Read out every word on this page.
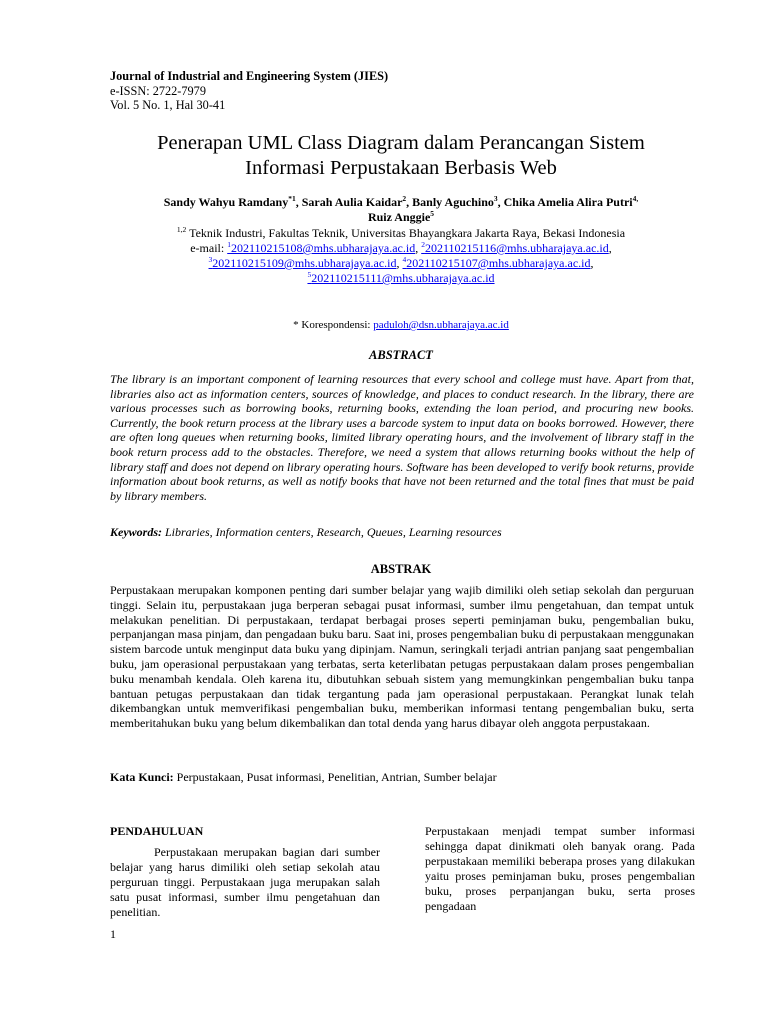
Journal of Industrial and Engineering System (JIES)
e-ISSN: 2722-7979
Vol. 5 No. 1, Hal 30-41
Penerapan UML Class Diagram dalam Perancangan Sistem
Informasi Perpustakaan Berbasis Web
Sandy Wahyu Ramdany$^{*1}$, Sarah Aulia Kaidar$^2$, Banly Aguchino$^3$, Chika Amelia Alira Putri$^{4,}$
Ruiz Anggie$^5$
$^{1,2}$ Teknik Industri, Fakultas Teknik, Universitas Bhayangkara Jakarta Raya, Bekasi Indonesia
e-mail: $^1$202110215108@mhs.ubharajaya.ac.id, $^2$202110215116@mhs.ubharajaya.ac.id,
$^3$202110215109@mhs.ubharajaya.ac.id, $^4$202110215107@mhs.ubharajaya.ac.id,
$^5$202110215111@mhs.ubharajaya.ac.id
* Korespondensi: paduloh@dsn.ubharajaya.ac.id
ABSTRACT

The library is an important component of learning resources that every school and college must have. Apart from that, libraries also act as information centers, sources of knowledge, and places to conduct research. In the library, there are various processes such as borrowing books, returning books, extending the loan period, and procuring new books. Currently, the book return process at the library uses a barcode system to input data on books borrowed. However, there are often long queues when returning books, limited library operating hours, and the involvement of library staff in the book return process add to the obstacles. Therefore, we need a system that allows returning books without the help of library staff and does not depend on library operating hours. Software has been developed to verify book returns, provide information about book returns, as well as notify books that have not been returned and the total fines that must be paid by library members.

Keywords: Libraries, Information centers, Research, Queues, Learning resources

ABSTRAK

Perpustakaan merupakan komponen penting dari sumber belajar yang wajib dimiliki oleh setiap sekolah dan perguruan tinggi. Selain itu, perpustakaan juga berperan sebagai pusat informasi, sumber ilmu pengetahuan, dan tempat untuk melakukan penelitian. Di perpustakaan, terdapat berbagai proses seperti peminjaman buku, pengembalian buku, perpanjangan masa pinjam, dan pengadaan buku baru. Saat ini, proses pengembalian buku di perpustakaan menggunakan sistem barcode untuk menginput data buku yang dipinjam. Namun, seringkali terjadi antrian panjang saat pengembalian buku, jam operasional perpustakaan yang terbatas, serta keterlibatan petugas perpustakaan dalam proses pengembalian buku menambah kendala. Oleh karena itu, dibutuhkan sebuah sistem yang memungkinkan pengembalian buku tanpa bantuan petugas perpustakaan dan tidak tergantung pada jam operasional perpustakaan. Perangkat lunak telah dikembangkan untuk memverifikasi pengembalian buku, memberikan informasi tentang pengembalian buku, serta memberitahukan buku yang belum dikembalikan dan total denda yang harus dibayar oleh anggota perpustakaan.

Kata Kunci: Perpustakaan, Pusat informasi, Penelitian, Antrian, Sumber belajar

PENDAHULUAN

Perpustakaan merupakan bagian dari sumber belajar yang harus dimiliki oleh setiap sekolah atau perguruan tinggi. Perpustakaan juga merupakan salah satu pusat informasi, sumber ilmu pengetahuan dan penelitian.

Perpustakaan menjadi tempat sumber informasi sehingga dapat dinikmati oleh banyak orang. Pada perpustakaan memiliki beberapa proses yang dilakukan yaitu proses peminjaman buku, proses pengembalian buku, proses perpanjangan buku, serta proses pengadaan

1
